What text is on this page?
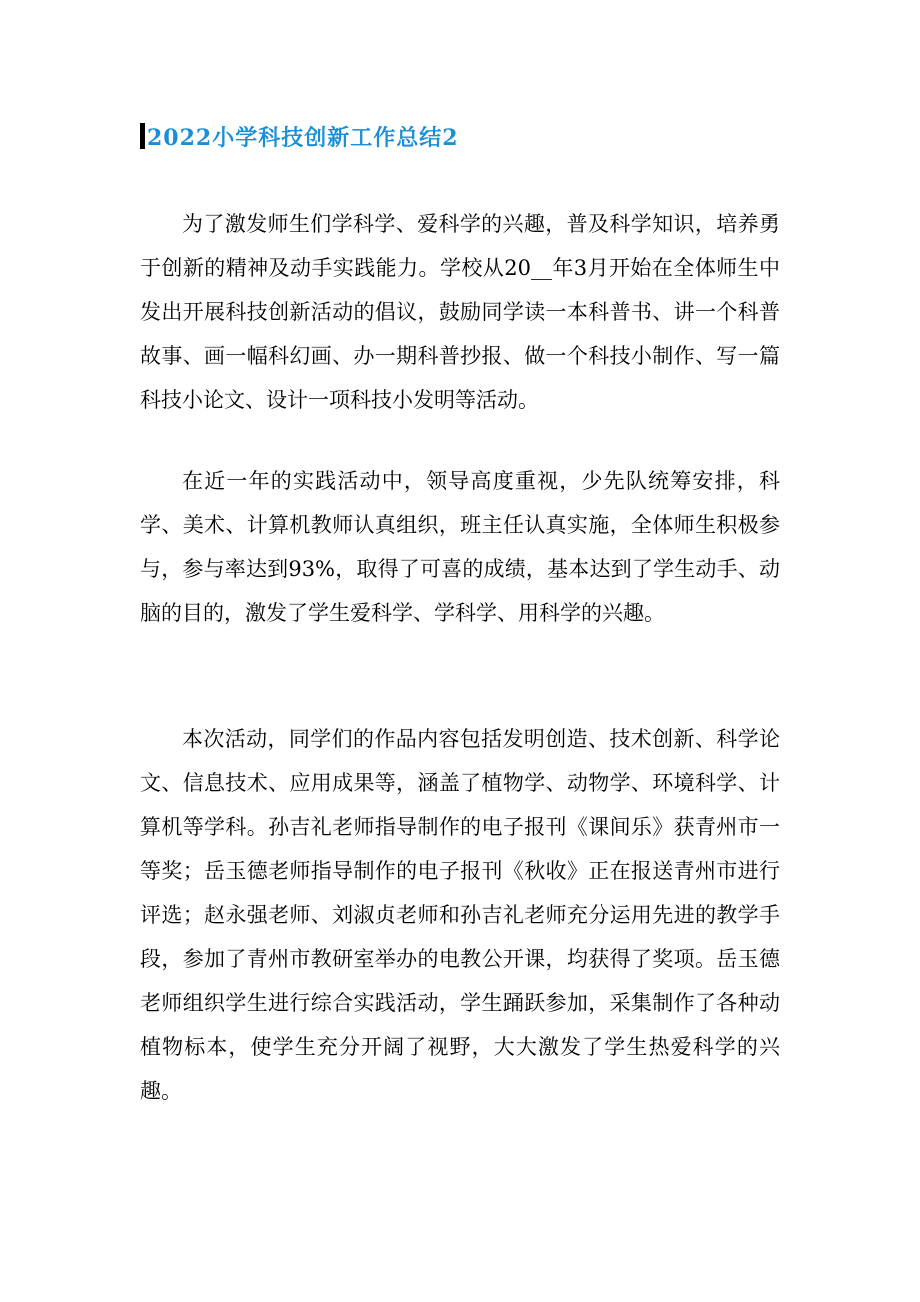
2022小学科技创新工作总结2

为了激发师生们学科学、爱科学的兴趣，普及科学知识，培养勇于创新的精神及动手实践能力。学校从20__年3月开始在全体师生中发出开展科技创新活动的倡议，鼓励同学读一本科普书、讲一个科普故事、画一幅科幻画、办一期科普抄报、做一个科技小制作、写一篇科技小论文、设计一项科技小发明等活动。

在近一年的实践活动中，领导高度重视，少先队统筹安排，科学、美术、计算机教师认真组织，班主任认真实施，全体师生积极参与，参与率达到93%，取得了可喜的成绩，基本达到了学生动手、动脑的目的，激发了学生爱科学、学科学、用科学的兴趣。

本次活动，同学们的作品内容包括发明创造、技术创新、科学论文、信息技术、应用成果等，涵盖了植物学、动物学、环境科学、计算机等学科。孙吉礼老师指导制作的电子报刊《课间乐》获青州市一等奖；岳玉德老师指导制作的电子报刊《秋收》正在报送青州市进行评选；赵永强老师、刘淑贞老师和孙吉礼老师充分运用先进的教学手段，参加了青州市教研室举办的电教公开课，均获得了奖项。岳玉德老师组织学生进行综合实践活动，学生踊跃参加，采集制作了各种动植物标本，使学生充分开阔了视野，大大激发了学生热爱科学的兴趣。
